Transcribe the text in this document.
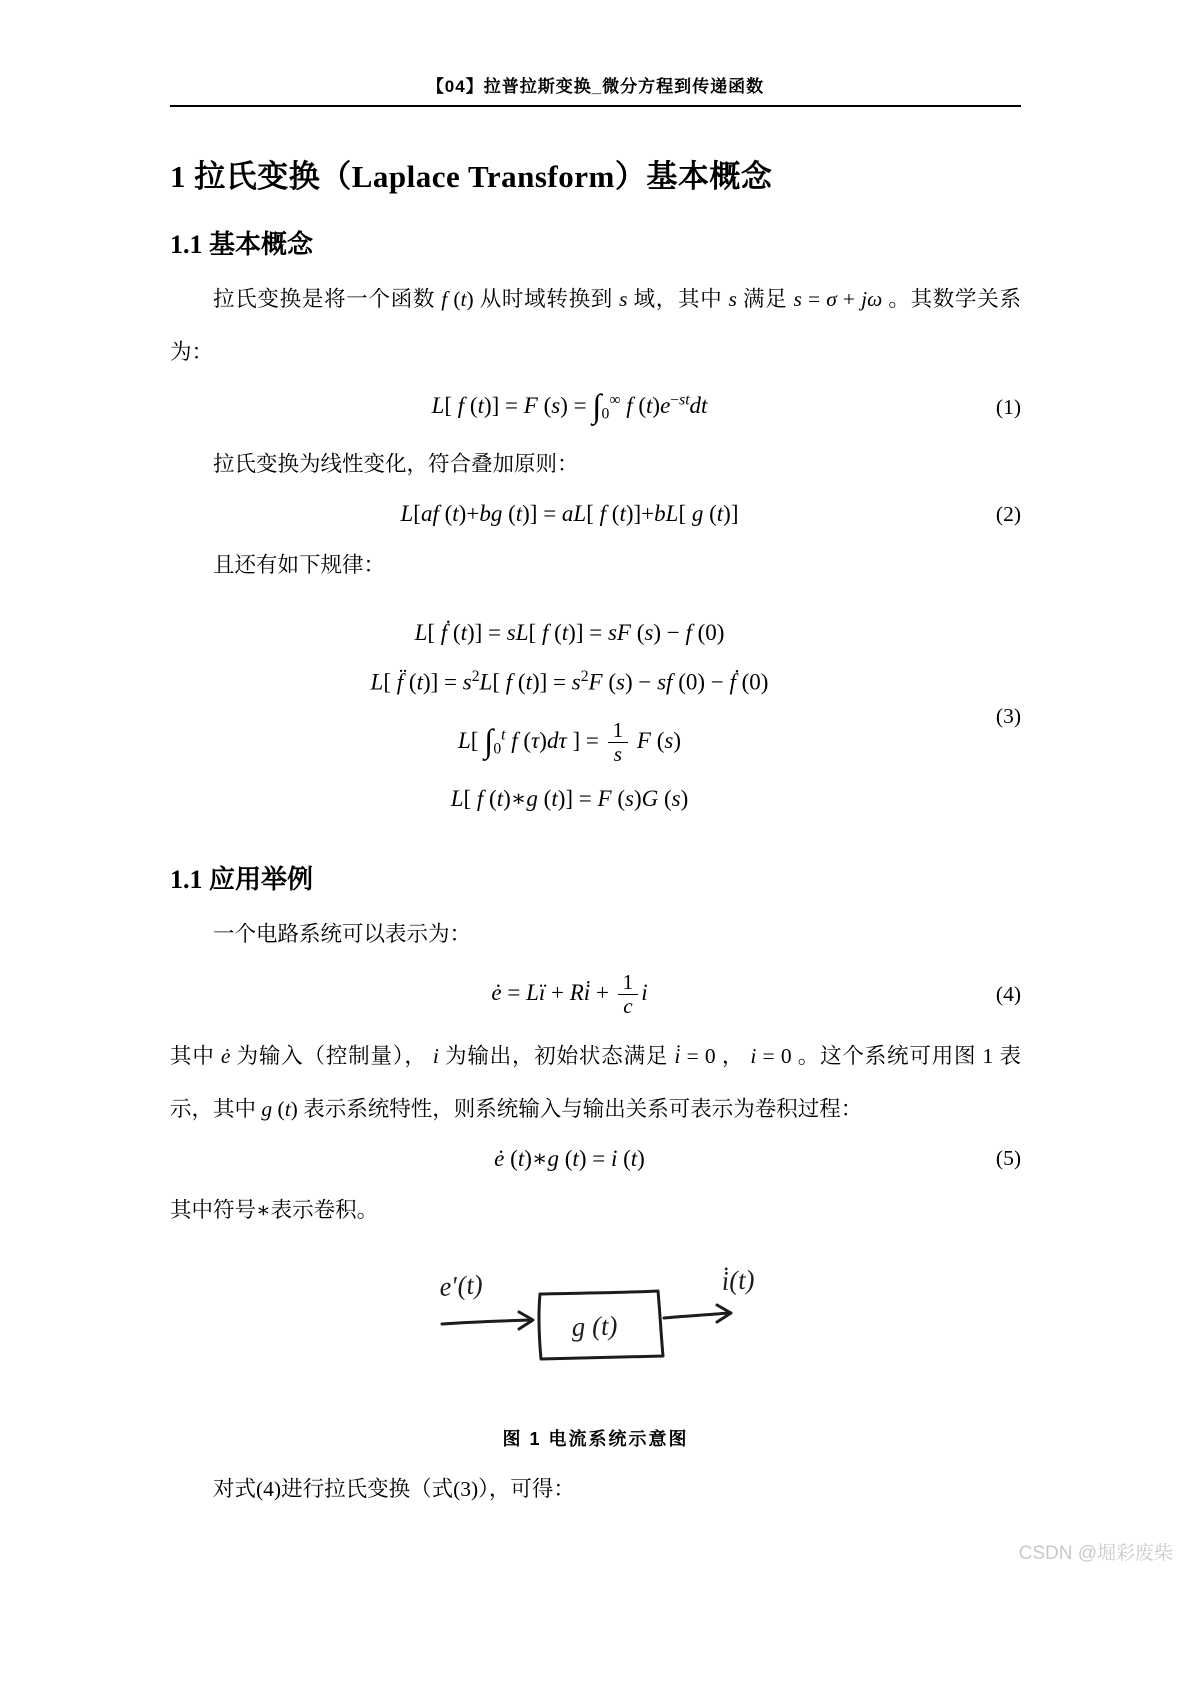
【04】拉普拉斯变换_微分方程到传递函数
1 拉氏变换（Laplace Transform）基本概念
1.1 基本概念

拉氏变换是将一个函数 f (t) 从时域转换到 s 域，其中 s 满足 s = σ + jω 。其数学关系为：

L[ f (t)] = F $(s) = \int_0^\infty$ f $(t)e^{-st}dt$	(1)

拉氏变换为线性变化，符合叠加原则：

L[af (t)+bg (t)] = aL[ f (t)]+bL[ g (t)]	(2)

且还有如下规律：

L[ ḟ (t)] = sL[ f (t)] = sF (s) − f (0)
L[ f̈ $(t)] = s^2L$[ f $(t)] = s^2F$ (s) − sf (0) − ḟ (0)
L[ $\int_0^t$ f (τ)dτ ] = $\frac{1}{s}$ F (s)
L[ f (t)∗g (t)] = F (s)G (s)
(3)
1.1 应用举例

一个电路系统可以表示为：

ė = Lï + Ri̇ + $\frac{1}{c}$ i	(4)

其中 ė 为输入（控制量）， i 为输出，初始状态满足 i̇ = 0 ， i = 0 。这个系统可用图 1 表示，其中 g (t) 表示系统特性，则系统输入与输出关系可表示为卷积过程：

ė (t)∗g (t) = i (t)	(5)

其中符号∗表示卷积。

e′(t)
g (t)
i̇(t)
图 1 电流系统示意图

对式(4)进行拉氏变换（式(3)），可得：

CSDN @堀彩废柴
